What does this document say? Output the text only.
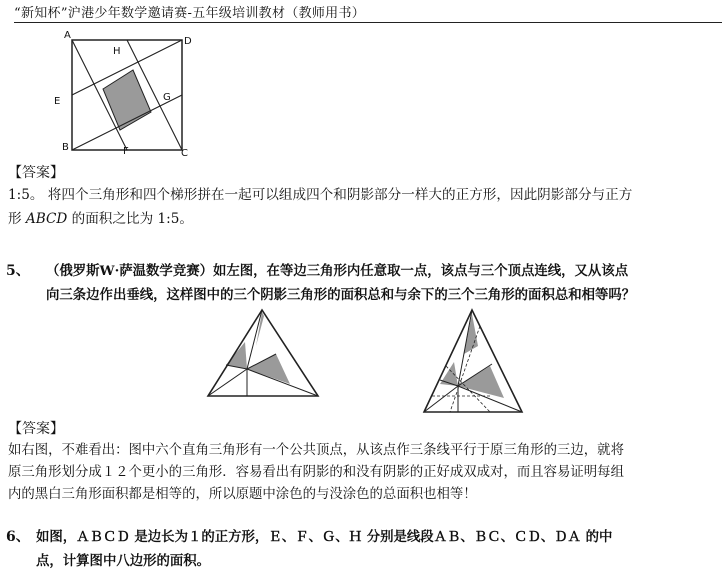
“新知杯”沪港少年数学邀请赛-五年级培训教材（教师用书）
A
H
D
E	G
B	F	C
【答案】
1:5。 将四个三角形和四个梯形拼在一起可以组成四个和阴影部分一样大的正方形，因此阴影部分与正方
形 ABCD 的面积之比为 1:5。
5、 （俄罗斯W·萨温数学竞赛）如左图，在等边三角形内任意取一点，该点与三个顶点连线，又从该点
向三条边作出垂线，这样图中的三个阴影三角形的面积总和与余下的三个三角形的面积总和相等吗？
【答案】
如右图，不难看出：图中六个直角三角形有一个公共顶点，从该点作三条线平行于原三角形的三边，就将
原三角形划分成１２个更小的三角形．容易看出有阴影的和没有阴影的正好成双成对，而且容易证明每组
内的黑白三角形面积都是相等的，所以原题中涂色的与没涂色的总面积也相等！
6、 如图，ＡＢＣＤ 是边长为１的正方形，Ｅ、Ｆ、Ｇ、Ｈ 分别是线段ＡＢ、ＢＣ、ＣＤ、ＤＡ 的中
点，计算图中八边形的面积。
